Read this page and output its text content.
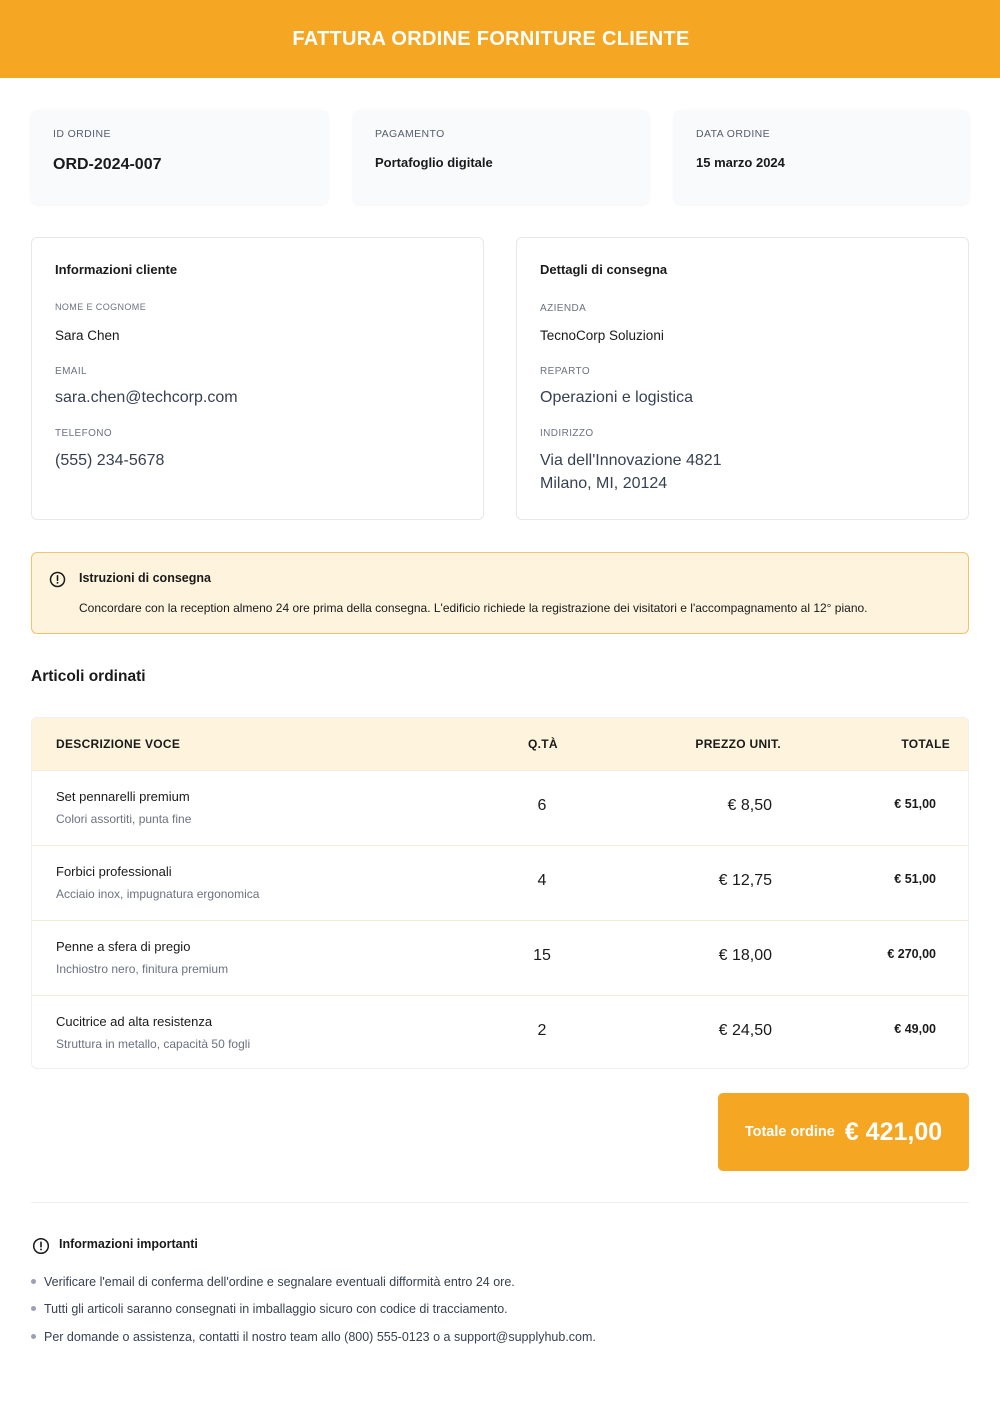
FATTURA ORDINE FORNITURE CLIENTE
ID ORDINE
ORD-2024-007
PAGAMENTO
Portafoglio digitale
DATA ORDINE
15 marzo 2024
Informazioni cliente
NOME E COGNOME
Sara Chen
EMAIL
sara.chen@techcorp.com
TELEFONO
(555) 234-5678
Dettagli di consegna
AZIENDA
TecnoCorp Soluzioni
REPARTO
Operazioni e logistica
INDIRIZZO
Via dell'Innovazione 4821
Milano, MI, 20124
Istruzioni di consegna
Concordare con la reception almeno 24 ore prima della consegna. L'edificio richiede la registrazione dei visitatori e l'accompagnamento al 12° piano.
Articoli ordinati
DESCRIZIONE VOCE	Q.TÀ	PREZZO UNIT.	TOTALE
Set pennarelli premium
Colori assortiti, punta fine
6	€ 8,50	€ 51,00
Forbici professionali
Acciaio inox, impugnatura ergonomica
4	€ 12,75	€ 51,00
Penne a sfera di pregio
Inchiostro nero, finitura premium
15	€ 18,00	€ 270,00
Cucitrice ad alta resistenza
Struttura in metallo, capacità 50 fogli
2	€ 24,50	€ 49,00
Totale ordine € 421,00
Informazioni importanti
Verificare l'email di conferma dell'ordine e segnalare eventuali difformità entro 24 ore.
Tutti gli articoli saranno consegnati in imballaggio sicuro con codice di tracciamento.
Per domande o assistenza, contatti il nostro team allo (800) 555-0123 o a support@supplyhub.com.
